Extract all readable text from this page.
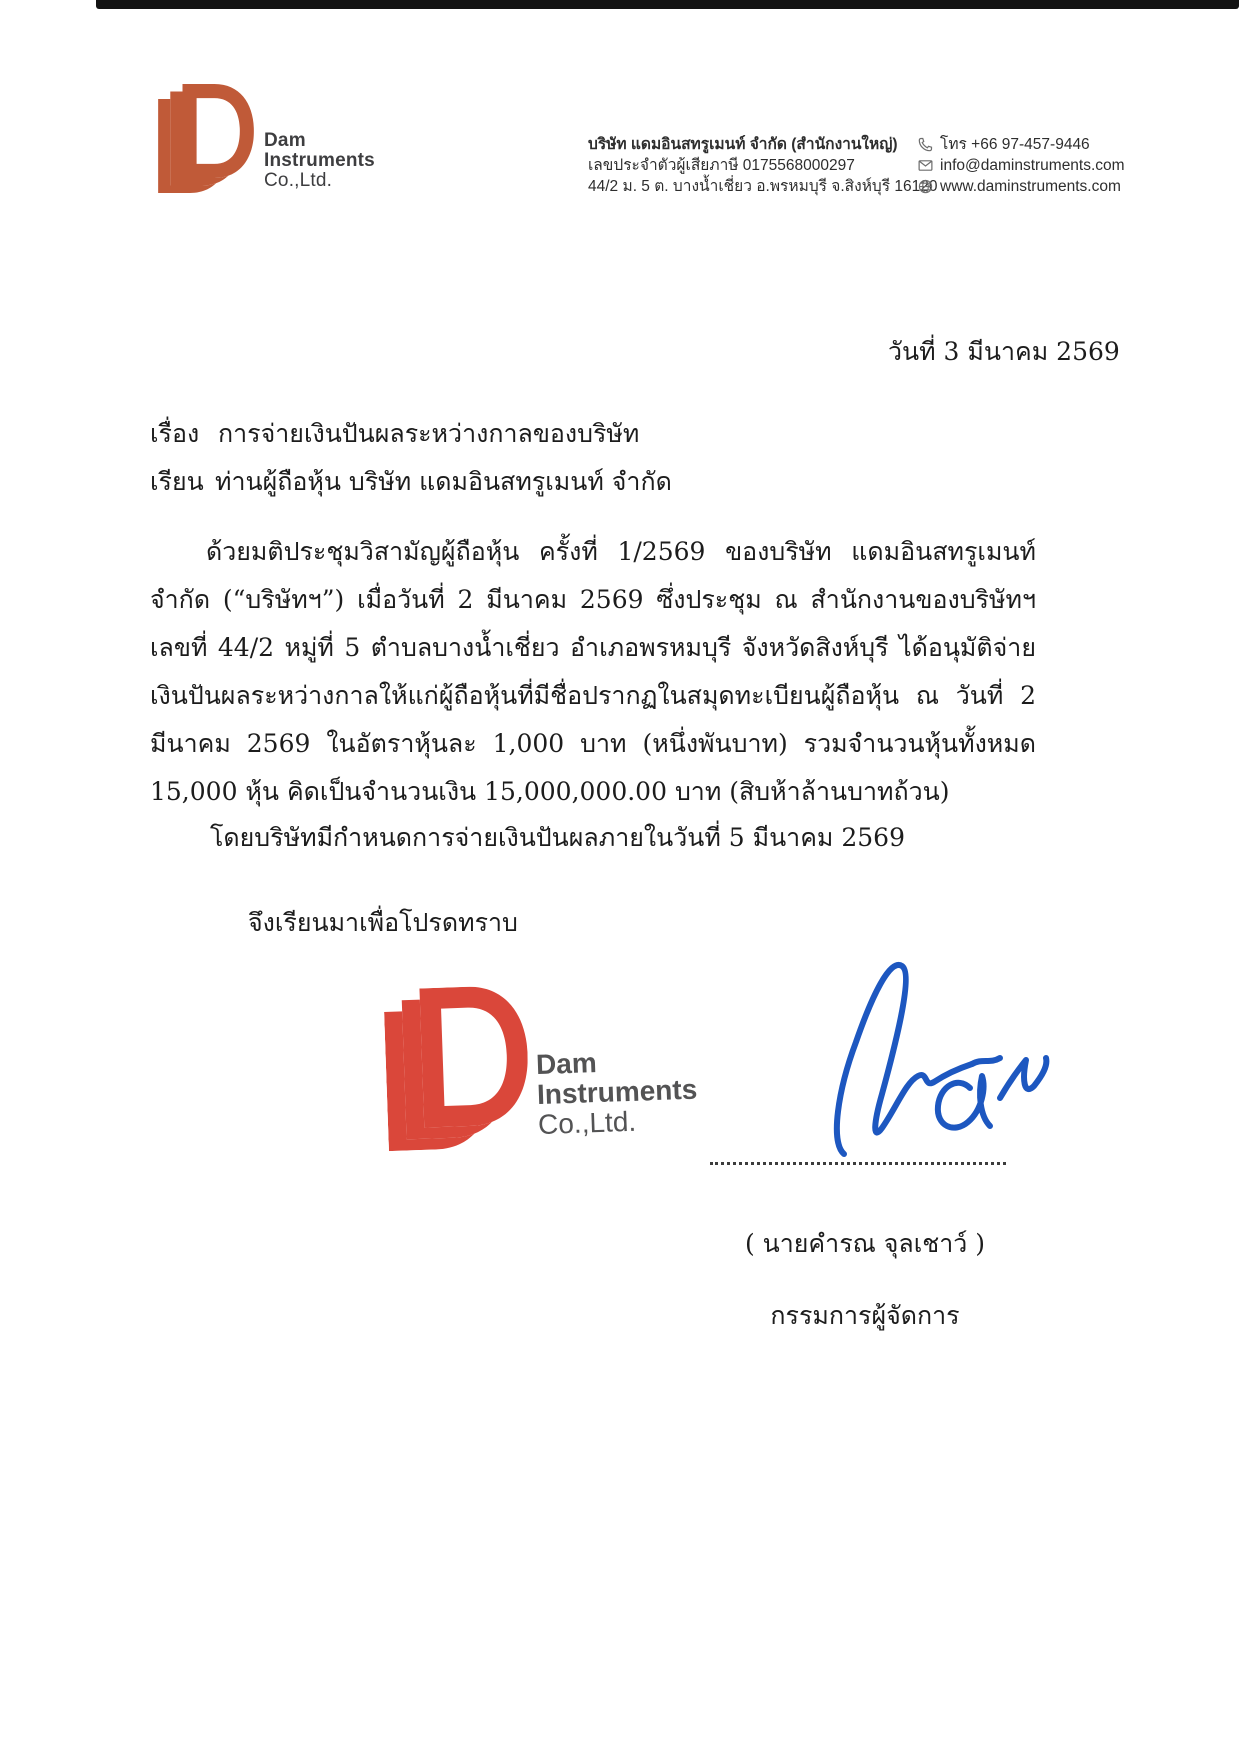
Dam
Instruments
Co.,Ltd.
บริษัท แดมอินสทรูเมนท์ จำกัด (สำนักงานใหญ่)
เลขประจำตัวผู้เสียภาษี 0175568000297
44/2 ม. 5 ต. บางน้ำเชี่ยว อ.พรหมบุรี จ.สิงห์บุรี 16120
โทร +66 97-457-9446
info@daminstruments.com
www.daminstruments.com
วันที่ 3 มีนาคม 2569
เรื่อง การจ่ายเงินปันผลระหว่างกาลของบริษัท
เรียน ท่านผู้ถือหุ้น บริษัท แดมอินสทรูเมนท์ จำกัด
ด้วยมติประชุมวิสามัญผู้ถือหุ้น ครั้งที่ 1/2569 ของบริษัท แดมอินสทรูเมนท์ จำกัด (“บริษัทฯ”) เมื่อวันที่ 2 มีนาคม 2569 ซึ่งประชุม ณ สำนักงานของบริษัทฯ เลขที่ 44/2 หมู่ที่ 5 ตำบลบางน้ำเชี่ยว อำเภอพรหมบุรี จังหวัดสิงห์บุรี ได้อนุมัติจ่ายเงินปันผลระหว่างกาลให้แก่ผู้ถือหุ้นที่มีชื่อปรากฏในสมุดทะเบียนผู้ถือหุ้น ณ วันที่ 2 มีนาคม 2569 ในอัตราหุ้นละ 1,000 บาท (หนึ่งพันบาท) รวมจำนวนหุ้นทั้งหมด 15,000 หุ้น คิดเป็นจำนวนเงิน 15,000,000.00 บาท (สิบห้าล้านบาทถ้วน)
โดยบริษัทมีกำหนดการจ่ายเงินปันผลภายในวันที่ 5 มีนาคม 2569
จึงเรียนมาเพื่อโปรดทราบ
Dam
Instruments
Co.,Ltd.
( นายคำรณ จุลเชาว์ )
กรรมการผู้จัดการ
